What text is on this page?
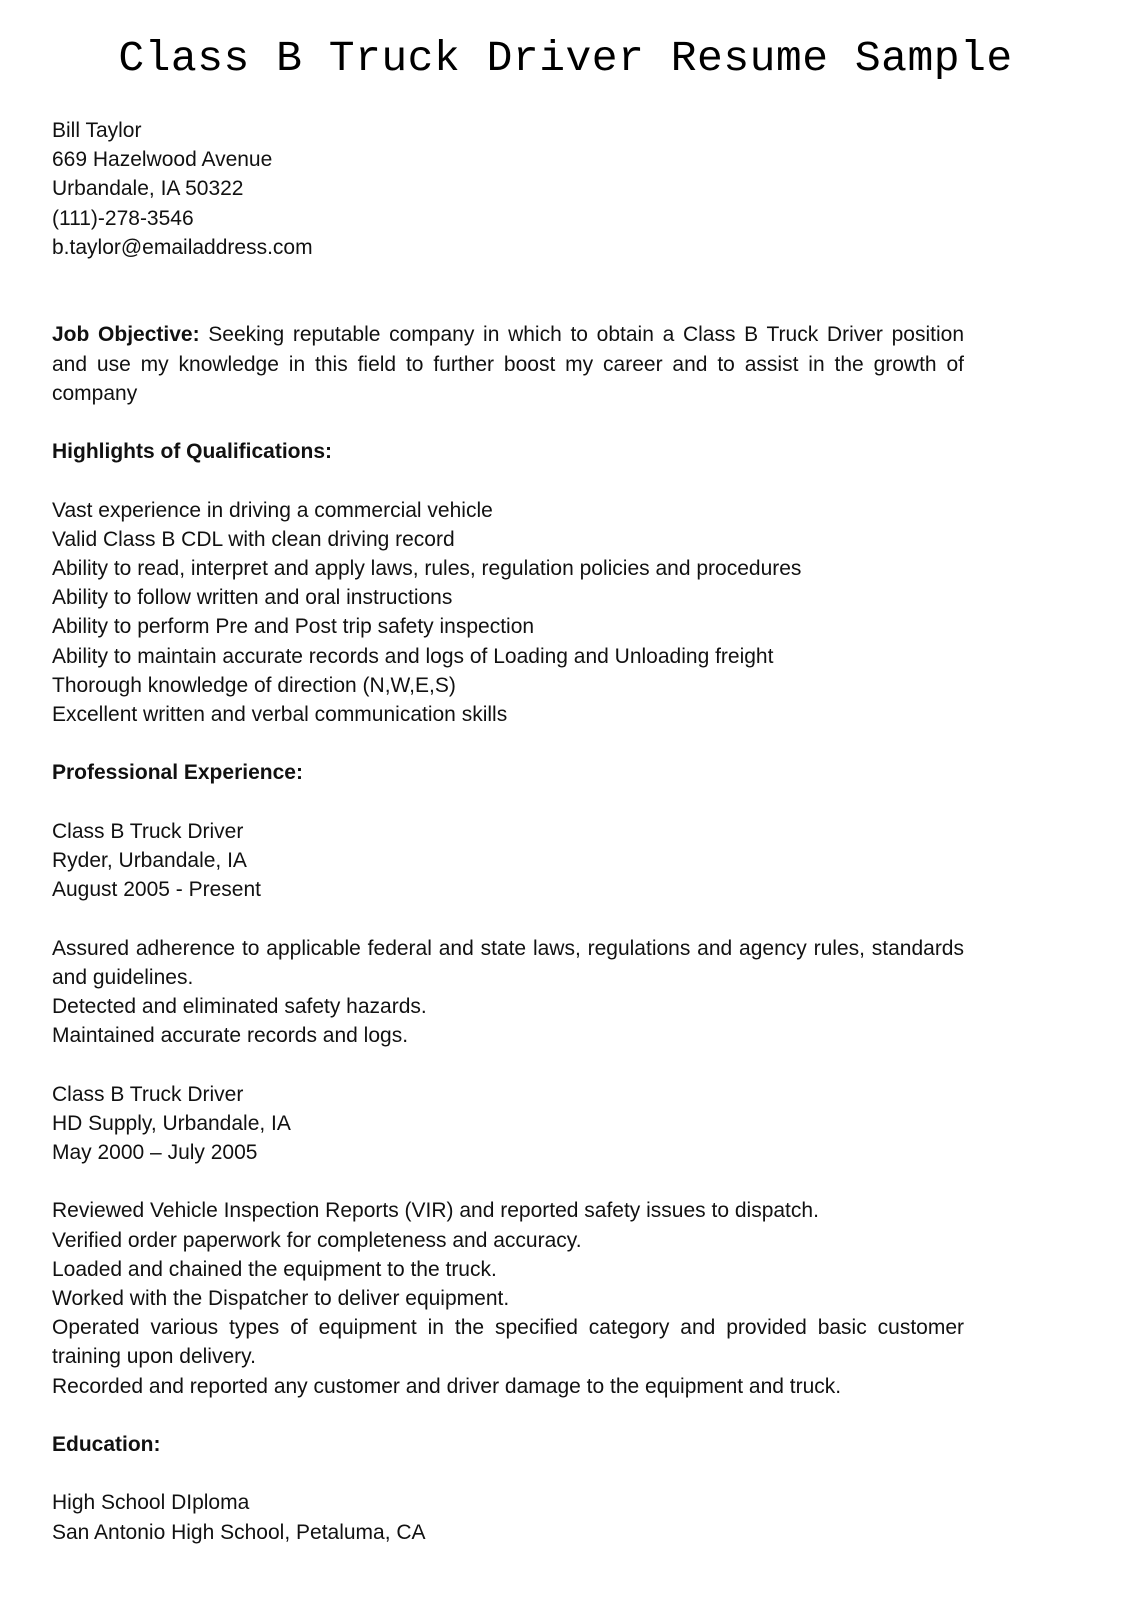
Class B Truck Driver Resume Sample
Bill Taylor
669 Hazelwood Avenue
Urbandale, IA 50322
(111)-278-3546
b.taylor@emailaddress.com
Job Objective: Seeking reputable company in which to obtain a Class B Truck Driver position and use my knowledge in this field to further boost my career and to assist in the growth of company
Highlights of Qualifications:
Vast experience in driving a commercial vehicle
Valid Class B CDL with clean driving record
Ability to read, interpret and apply laws, rules, regulation policies and procedures
Ability to follow written and oral instructions
Ability to perform Pre and Post trip safety inspection
Ability to maintain accurate records and logs of Loading and Unloading freight
Thorough knowledge of direction (N,W,E,S)
Excellent written and verbal communication skills
Professional Experience:
Class B Truck Driver
Ryder, Urbandale, IA
August 2005 - Present
Assured adherence to applicable federal and state laws, regulations and agency rules, standards and guidelines.
Detected and eliminated safety hazards.
Maintained accurate records and logs.
Class B Truck Driver
HD Supply, Urbandale, IA
May 2000 – July 2005
Reviewed Vehicle Inspection Reports (VIR) and reported safety issues to dispatch.
Verified order paperwork for completeness and accuracy.
Loaded and chained the equipment to the truck.
Worked with the Dispatcher to deliver equipment.
Operated various types of equipment in the specified category and provided basic customer training upon delivery.
Recorded and reported any customer and driver damage to the equipment and truck.
Education:
High School DIploma
San Antonio High School, Petaluma, CA
